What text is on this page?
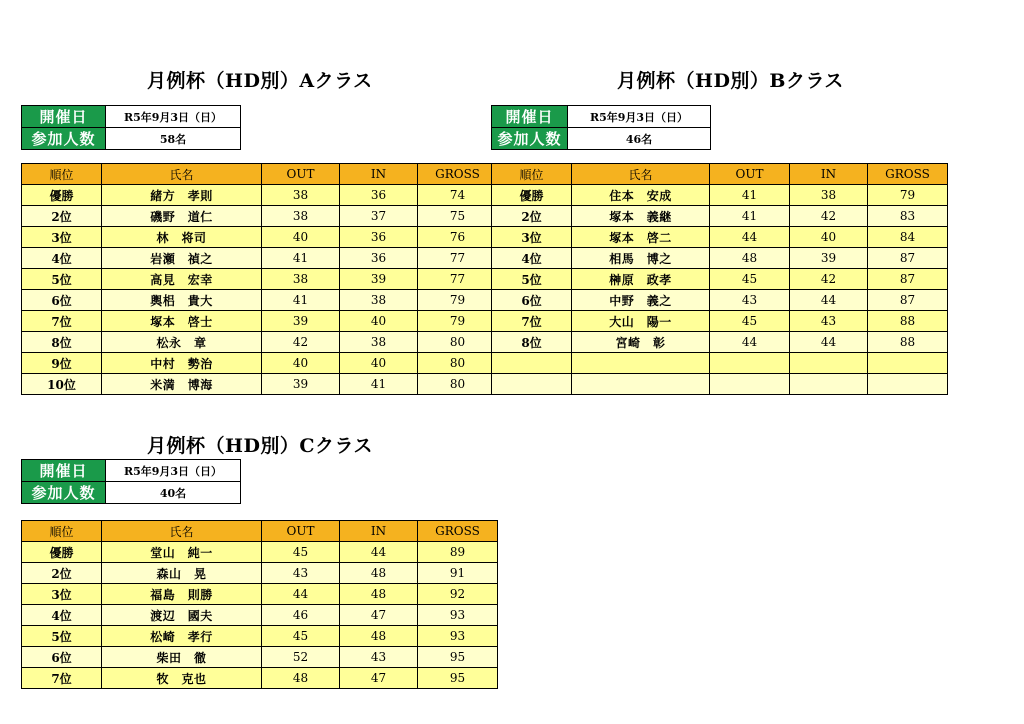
月例杯（HD別）Aクラス
開催日	R5年9月3日（日）
参加人数	58名
順位	氏名	OUT	IN	GROSS
優勝	緒方　孝則	38	36	74
2位	磯野　道仁	38	37	75
3位	林　将司	40	36	76
4位	岩瀬　禎之	41	36	77
5位	高見　宏幸	38	39	77
6位	輿梠　貴大	41	38	79
7位	塚本　啓士	39	40	79
8位	松永　章	42	38	80
9位	中村　勢治	40	40	80
10位	米満　博海	39	41	80
月例杯（HD別）Bクラス
開催日	R5年9月3日（日）
参加人数	46名
順位	氏名	OUT	IN	GROSS
優勝	住本　安成	41	38	79
2位	塚本　義継	41	42	83
3位	塚本　啓二	44	40	84
4位	相馬　博之	48	39	87
5位	榊原　政孝	45	42	87
6位	中野　義之	43	44	87
7位	大山　陽一	45	43	88
8位	宮崎　彰	44	44	88

月例杯（HD別）Cクラス
開催日	R5年9月3日（日）
参加人数	40名
順位	氏名	OUT	IN	GROSS
優勝	堂山　純一	45	44	89
2位	森山　晃	43	48	91
3位	福島　則勝	44	48	92
4位	渡辺　國夫	46	47	93
5位	松崎　孝行	45	48	93
6位	柴田　徹	52	43	95
7位	牧　克也	48	47	95
